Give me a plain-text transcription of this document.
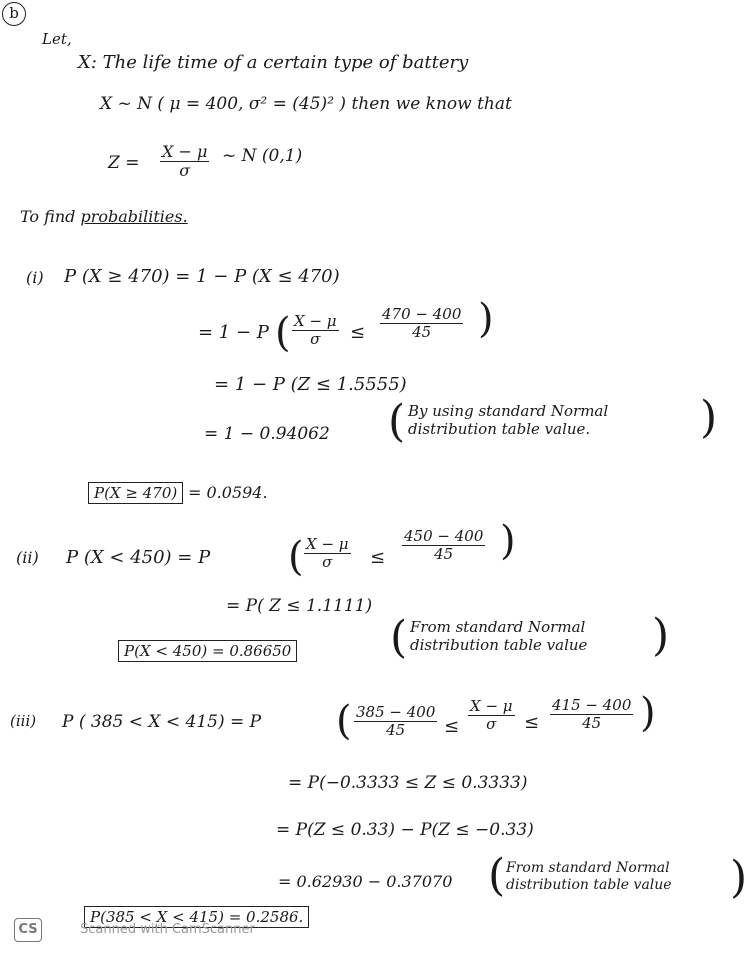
b
Let,
X: The life time of a certain type of battery
X ~ N ( μ = 400, σ² = (45)² ) then we know that
$Z = \frac{X - \mu}{\sigma}$ ~ N (0,1)
To find probabilities.
(i) P (X ≥ 470) = 1 − P (X ≤ 470)
= 1 − P ( $\frac{X - \mu}{\sigma} \le \frac{470 - 400}{45}$ )
= 1 − P (Z ≤ 1.5555)
= 1 − 0.94062 ( By using standard Normal
distribution table value.	)
P(X ≥ 470) = 0.0594.
(ii) P (X < 450) = P ( $\frac{X - \mu}{\sigma} \le \frac{450 - 400}{45}$ )
= P( Z ≤ 1.1111)
P(X < 450) = 0.86650 ( From standard Normal
distribution table value )
(iii) P ( 385 < X < 415) = P ( $\frac{385 - 400}{45} \le \frac{X - \mu}{\sigma} \le \frac{415 - 400}{45}$ )
= P(−0.3333 ≤ Z ≤ 0.3333)
= P(Z ≤ 0.33) − P(Z ≤ −0.33)
= 0.62930 − 0.37070 ( From standard Normal
distribution table value )
P(385 < X < 415) = 0.2586.
CS	Scanned with CamScanner
